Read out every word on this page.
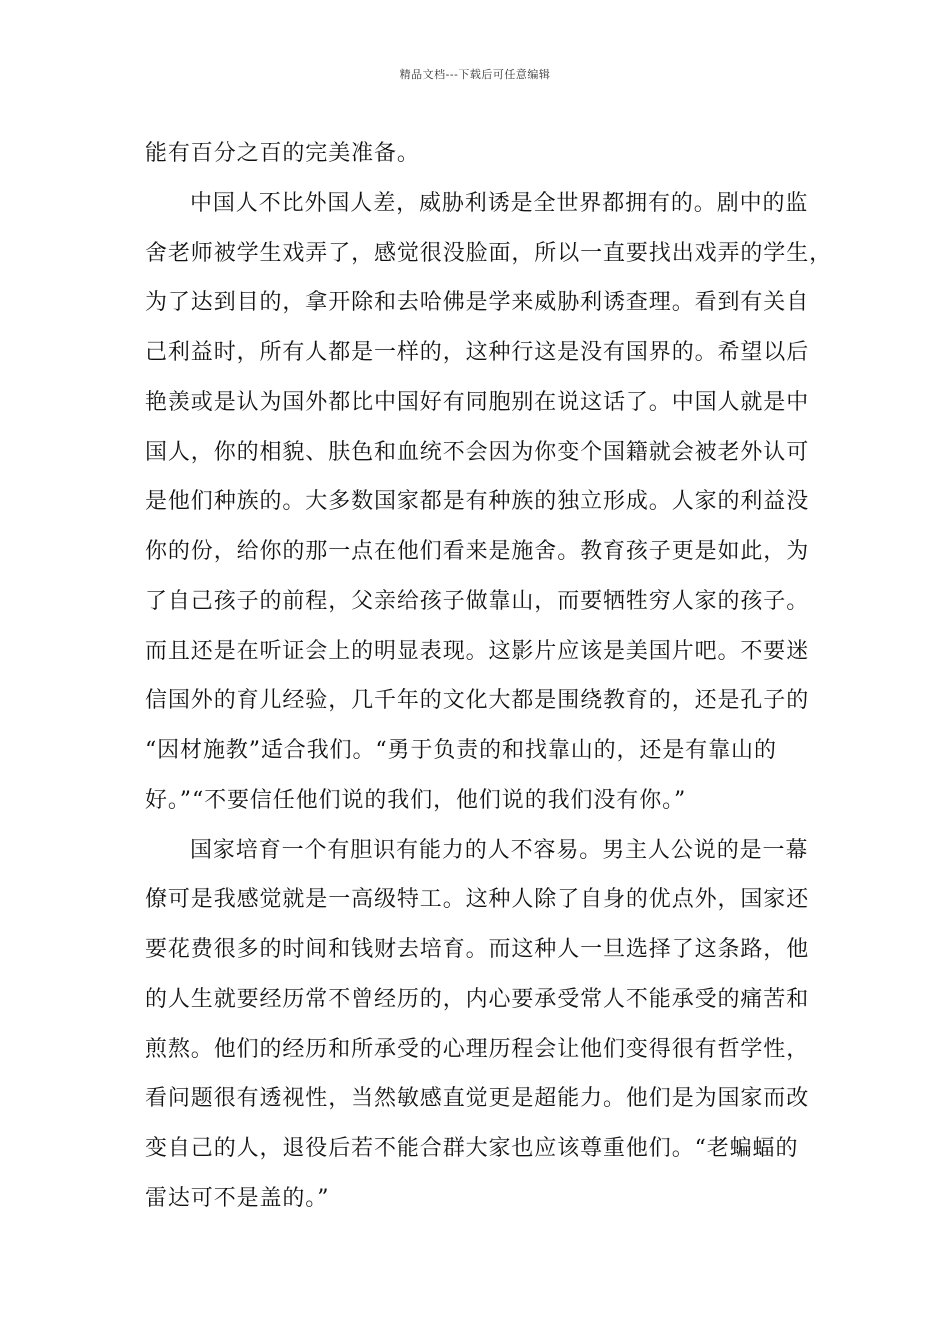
精品文档---下载后可任意编辑
能有百分之百的完美准备。
中国人不比外国人差，威胁利诱是全世界都拥有的。剧中的监
舍老师被学生戏弄了，感觉很没脸面，所以一直要找出戏弄的学生，
为了达到目的，拿开除和去哈佛是学来威胁利诱查理。看到有关自
己利益时，所有人都是一样的，这种行这是没有国界的。希望以后
艳羡或是认为国外都比中国好有同胞别在说这话了。中国人就是中
国人，你的相貌、肤色和血统不会因为你变个国籍就会被老外认可
是他们种族的。大多数国家都是有种族的独立形成。人家的利益没
你的份，给你的那一点在他们看来是施舍。教育孩子更是如此，为
了自己孩子的前程，父亲给孩子做靠山，而要牺牲穷人家的孩子。
而且还是在听证会上的明显表现。这影片应该是美国片吧。不要迷
信国外的育儿经验，几千年的文化大都是围绕教育的，还是孔子的
“因材施教”适合我们。“勇于负责的和找靠山的，还是有靠山的
好。”“不要信任他们说的我们，他们说的我们没有你。”
国家培育一个有胆识有能力的人不容易。男主人公说的是一幕
僚可是我感觉就是一高级特工。这种人除了自身的优点外，国家还
要花费很多的时间和钱财去培育。而这种人一旦选择了这条路，他
的人生就要经历常不曾经历的，内心要承受常人不能承受的痛苦和
煎熬。他们的经历和所承受的心理历程会让他们变得很有哲学性，
看问题很有透视性，当然敏感直觉更是超能力。他们是为国家而改
变自己的人，退役后若不能合群大家也应该尊重他们。“老蝙蝠的
雷达可不是盖的。”
